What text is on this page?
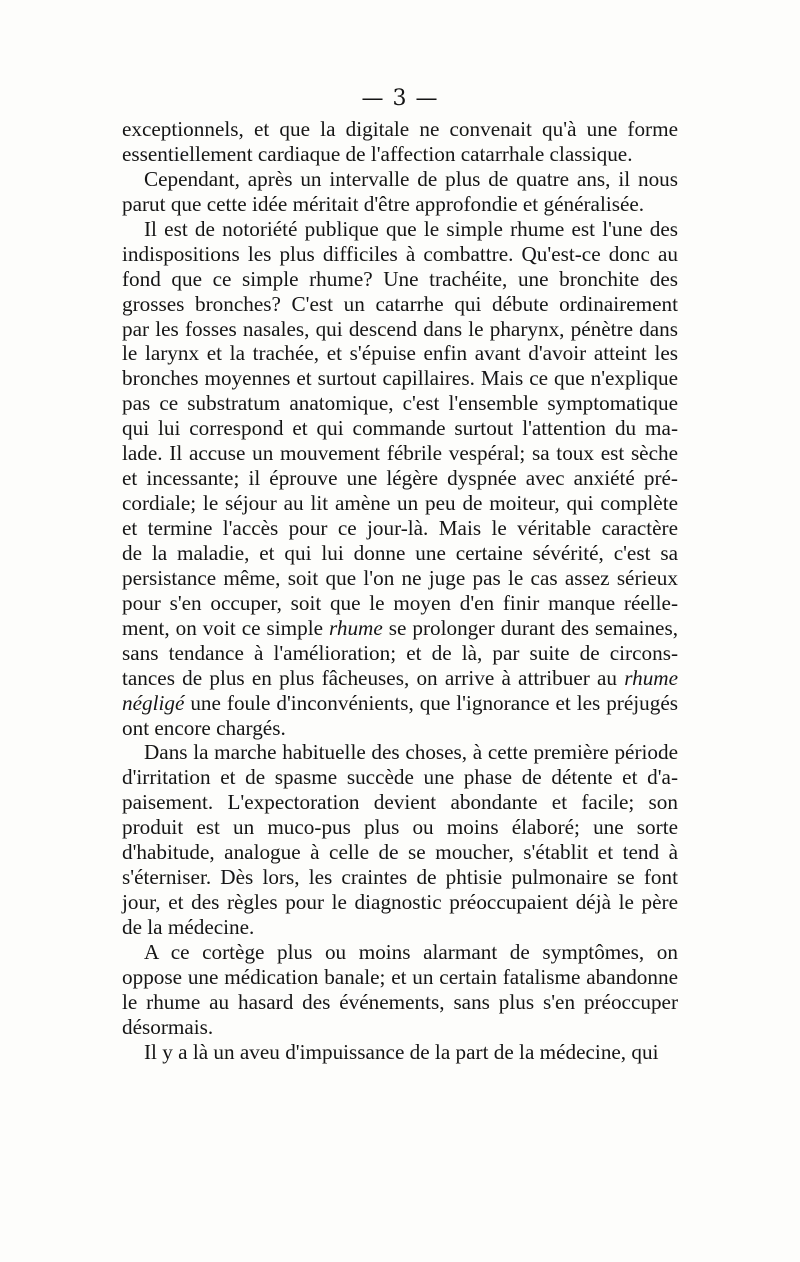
— 3 —
exceptionnels, et que la digitale ne convenait qu'à une forme
essentiellement cardiaque de l'affection catarrhale classique.
Cependant, après un intervalle de plus de quatre ans, il nous
parut que cette idée méritait d'être approfondie et généralisée.
Il est de notoriété publique que le simple rhume est l'une des
indispositions les plus difficiles à combattre. Qu'est-ce donc au
fond que ce simple rhume? Une trachéite, une bronchite des
grosses bronches? C'est un catarrhe qui débute ordinairement
par les fosses nasales, qui descend dans le pharynx, pénètre dans
le larynx et la trachée, et s'épuise enfin avant d'avoir atteint les
bronches moyennes et surtout capillaires. Mais ce que n'explique
pas ce substratum anatomique, c'est l'ensemble symptomatique
qui lui correspond et qui commande surtout l'attention du ma-
lade. Il accuse un mouvement fébrile vespéral; sa toux est sèche
et incessante; il éprouve une légère dyspnée avec anxiété pré-
cordiale; le séjour au lit amène un peu de moiteur, qui complète
et termine l'accès pour ce jour-là. Mais le véritable caractère
de la maladie, et qui lui donne une certaine sévérité, c'est sa
persistance même, soit que l'on ne juge pas le cas assez sérieux
pour s'en occuper, soit que le moyen d'en finir manque réelle-
ment, on voit ce simple rhume se prolonger durant des semaines,
sans tendance à l'amélioration; et de là, par suite de circons-
tances de plus en plus fâcheuses, on arrive à attribuer au rhume
négligé une foule d'inconvénients, que l'ignorance et les préjugés
ont encore chargés.
Dans la marche habituelle des choses, à cette première période
d'irritation et de spasme succède une phase de détente et d'a-
paisement. L'expectoration devient abondante et facile; son
produit est un muco-pus plus ou moins élaboré; une sorte
d'habitude, analogue à celle de se moucher, s'établit et tend à
s'éterniser. Dès lors, les craintes de phtisie pulmonaire se font
jour, et des règles pour le diagnostic préoccupaient déjà le père
de la médecine.
A ce cortège plus ou moins alarmant de symptômes, on
oppose une médication banale; et un certain fatalisme abandonne
le rhume au hasard des événements, sans plus s'en préoccuper
désormais.
Il y a là un aveu d'impuissance de la part de la médecine, qui
